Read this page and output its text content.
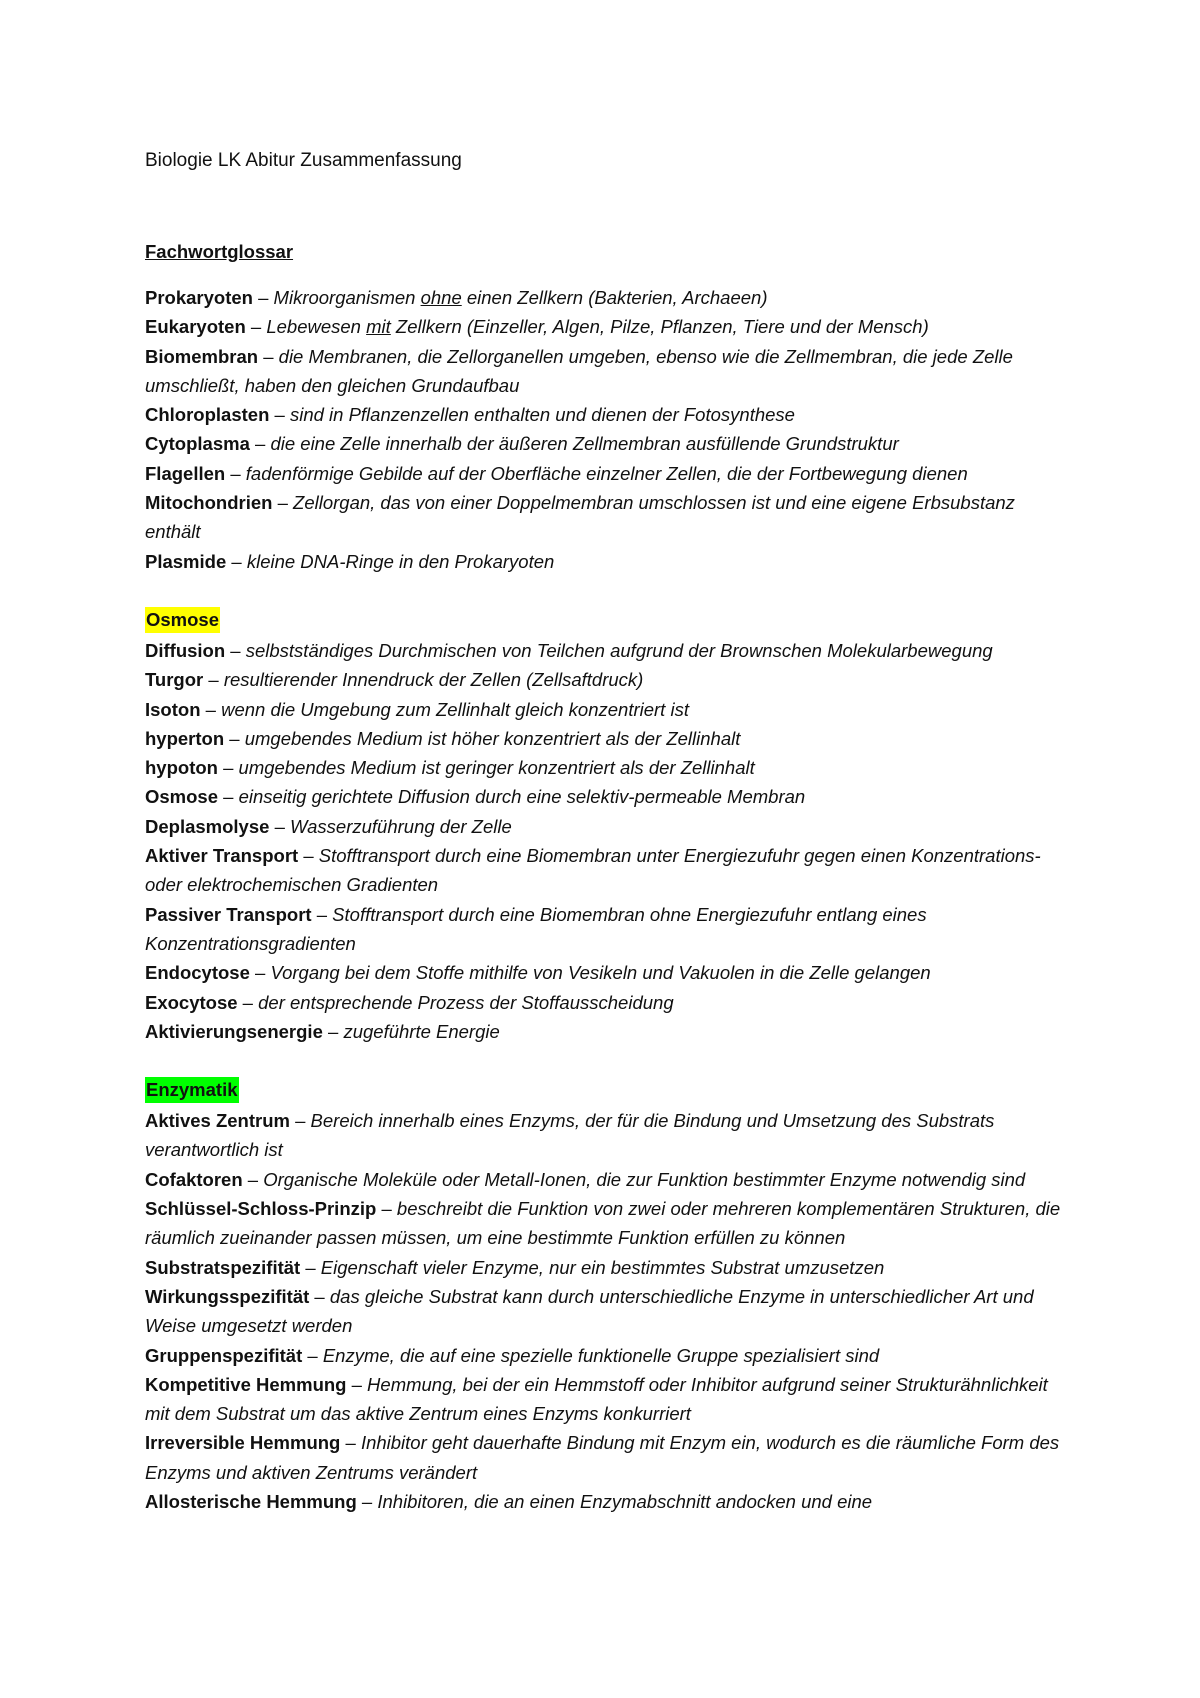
Biologie LK Abitur Zusammenfassung
Fachwortglossar
Prokaryoten – Mikroorganismen ohne einen Zellkern (Bakterien, Archaeen)
Eukaryoten – Lebewesen mit Zellkern (Einzeller, Algen, Pilze, Pflanzen, Tiere und der Mensch)
Biomembran – die Membranen, die Zellorganellen umgeben, ebenso wie die Zellmembran, die jede Zelle umschließt, haben den gleichen Grundaufbau
Chloroplasten – sind in Pflanzenzellen enthalten und dienen der Fotosynthese
Cytoplasma – die eine Zelle innerhalb der äußeren Zellmembran ausfüllende Grundstruktur
Flagellen – fadenförmige Gebilde auf der Oberfläche einzelner Zellen, die der Fortbewegung dienen
Mitochondrien – Zellorgan, das von einer Doppelmembran umschlossen ist und eine eigene Erbsubstanz enthält
Plasmide – kleine DNA-Ringe in den Prokaryoten
Osmose
Diffusion – selbstständiges Durchmischen von Teilchen aufgrund der Brownschen Molekularbewegung
Turgor – resultierender Innendruck der Zellen (Zellsaftdruck)
Isoton – wenn die Umgebung zum Zellinhalt gleich konzentriert ist
hyperton – umgebendes Medium ist höher konzentriert als der Zellinhalt
hypoton – umgebendes Medium ist geringer konzentriert als der Zellinhalt
Osmose – einseitig gerichtete Diffusion durch eine selektiv-permeable Membran
Deplasmolyse – Wasserzuführung der Zelle
Aktiver Transport – Stofftransport durch eine Biomembran unter Energiezufuhr gegen einen Konzentrations- oder elektrochemischen Gradienten
Passiver Transport – Stofftransport durch eine Biomembran ohne Energiezufuhr entlang eines Konzentrationsgradienten
Endocytose – Vorgang bei dem Stoffe mithilfe von Vesikeln und Vakuolen in die Zelle gelangen
Exocytose – der entsprechende Prozess der Stoffausscheidung
Aktivierungsenergie – zugeführte Energie
Enzymatik
Aktives Zentrum – Bereich innerhalb eines Enzyms, der für die Bindung und Umsetzung des Substrats verantwortlich ist
Cofaktoren – Organische Moleküle oder Metall-Ionen, die zur Funktion bestimmter Enzyme notwendig sind
Schlüssel-Schloss-Prinzip – beschreibt die Funktion von zwei oder mehreren komplementären Strukturen, die räumlich zueinander passen müssen, um eine bestimmte Funktion erfüllen zu können
Substratspezifität – Eigenschaft vieler Enzyme, nur ein bestimmtes Substrat umzusetzen
Wirkungsspezifität – das gleiche Substrat kann durch unterschiedliche Enzyme in unterschiedlicher Art und Weise umgesetzt werden
Gruppenspezifität – Enzyme, die auf eine spezielle funktionelle Gruppe spezialisiert sind
Kompetitive Hemmung – Hemmung, bei der ein Hemmstoff oder Inhibitor aufgrund seiner Strukturähnlichkeit mit dem Substrat um das aktive Zentrum eines Enzyms konkurriert
Irreversible Hemmung – Inhibitor geht dauerhafte Bindung mit Enzym ein, wodurch es die räumliche Form des Enzyms und aktiven Zentrums verändert
Allosterische Hemmung – Inhibitoren, die an einen Enzymabschnitt andocken und eine
